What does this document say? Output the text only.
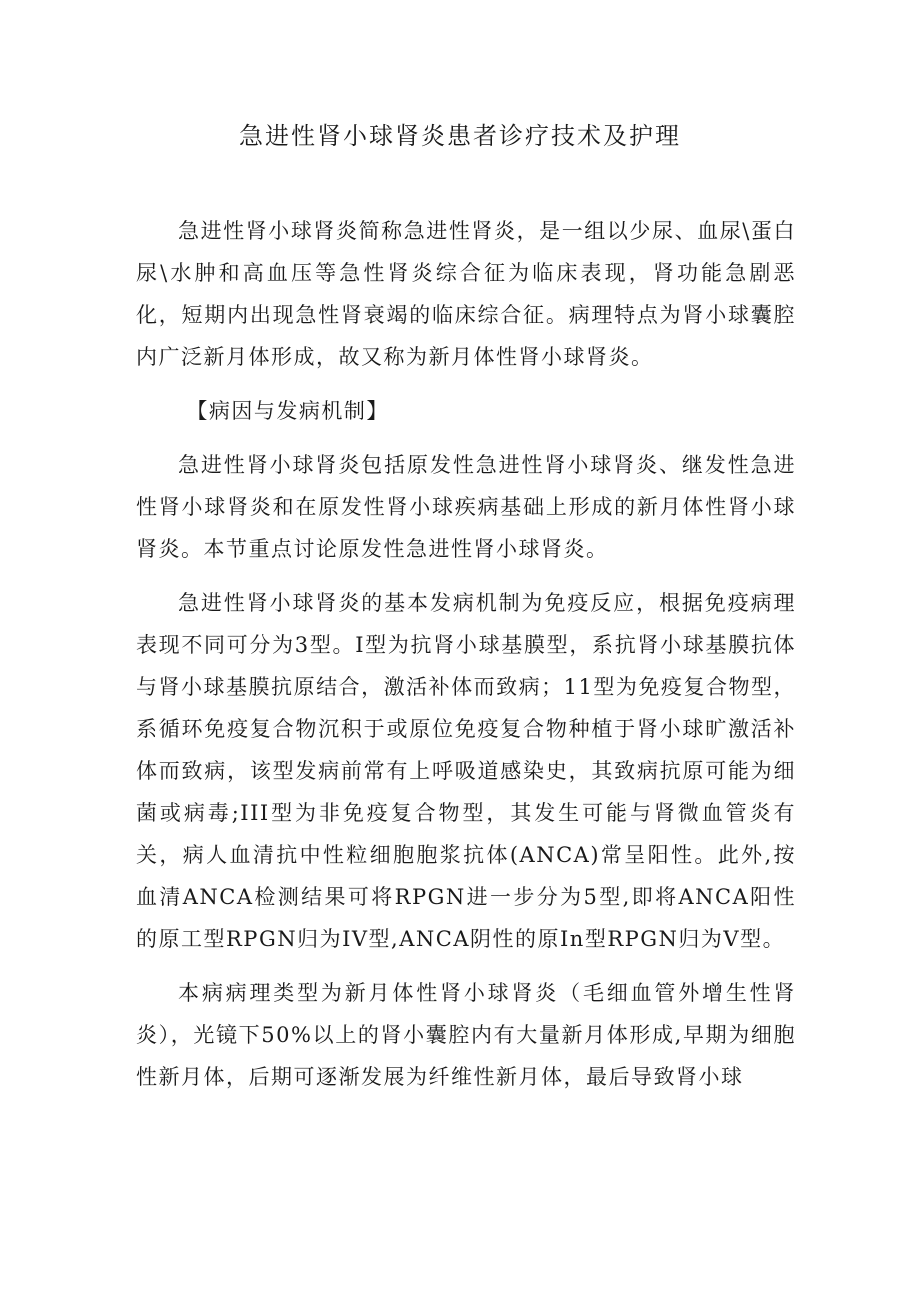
急进性肾小球肾炎患者诊疗技术及护理

急进性肾小球肾炎简称急进性肾炎，是一组以少尿、血尿\蛋白尿\水肿和高血压等急性肾炎综合征为临床表现，肾功能急剧恶化，短期内出现急性肾衰竭的临床综合征。病理特点为肾小球囊腔内广泛新月体形成，故又称为新月体性肾小球肾炎。

【病因与发病机制】

急进性肾小球肾炎包括原发性急进性肾小球肾炎、继发性急进性肾小球肾炎和在原发性肾小球疾病基础上形成的新月体性肾小球肾炎。本节重点讨论原发性急进性肾小球肾炎。

急进性肾小球肾炎的基本发病机制为免疫反应，根据免疫病理表现不同可分为3型。I型为抗肾小球基膜型，系抗肾小球基膜抗体与肾小球基膜抗原结合，激活补体而致病；11型为免疫复合物型，系循环免疫复合物沉积于或原位免疫复合物种植于肾小球旷激活补体而致病，该型发病前常有上呼吸道感染史，其致病抗原可能为细菌或病毒;III型为非免疫复合物型，其发生可能与肾微血管炎有关，病人血清抗中性粒细胞胞浆抗体(ANCA)常呈阳性。此外,按血清ANCA检测结果可将RPGN进一步分为5型,即将ANCA阳性的原工型RPGN归为IV型,ANCA阴性的原In型RPGN归为V型。

本病病理类型为新月体性肾小球肾炎（毛细血管外增生性肾炎），光镜下50%以上的肾小囊腔内有大量新月体形成,早期为细胞性新月体，后期可逐渐发展为纤维性新月体，最后导致肾小球
